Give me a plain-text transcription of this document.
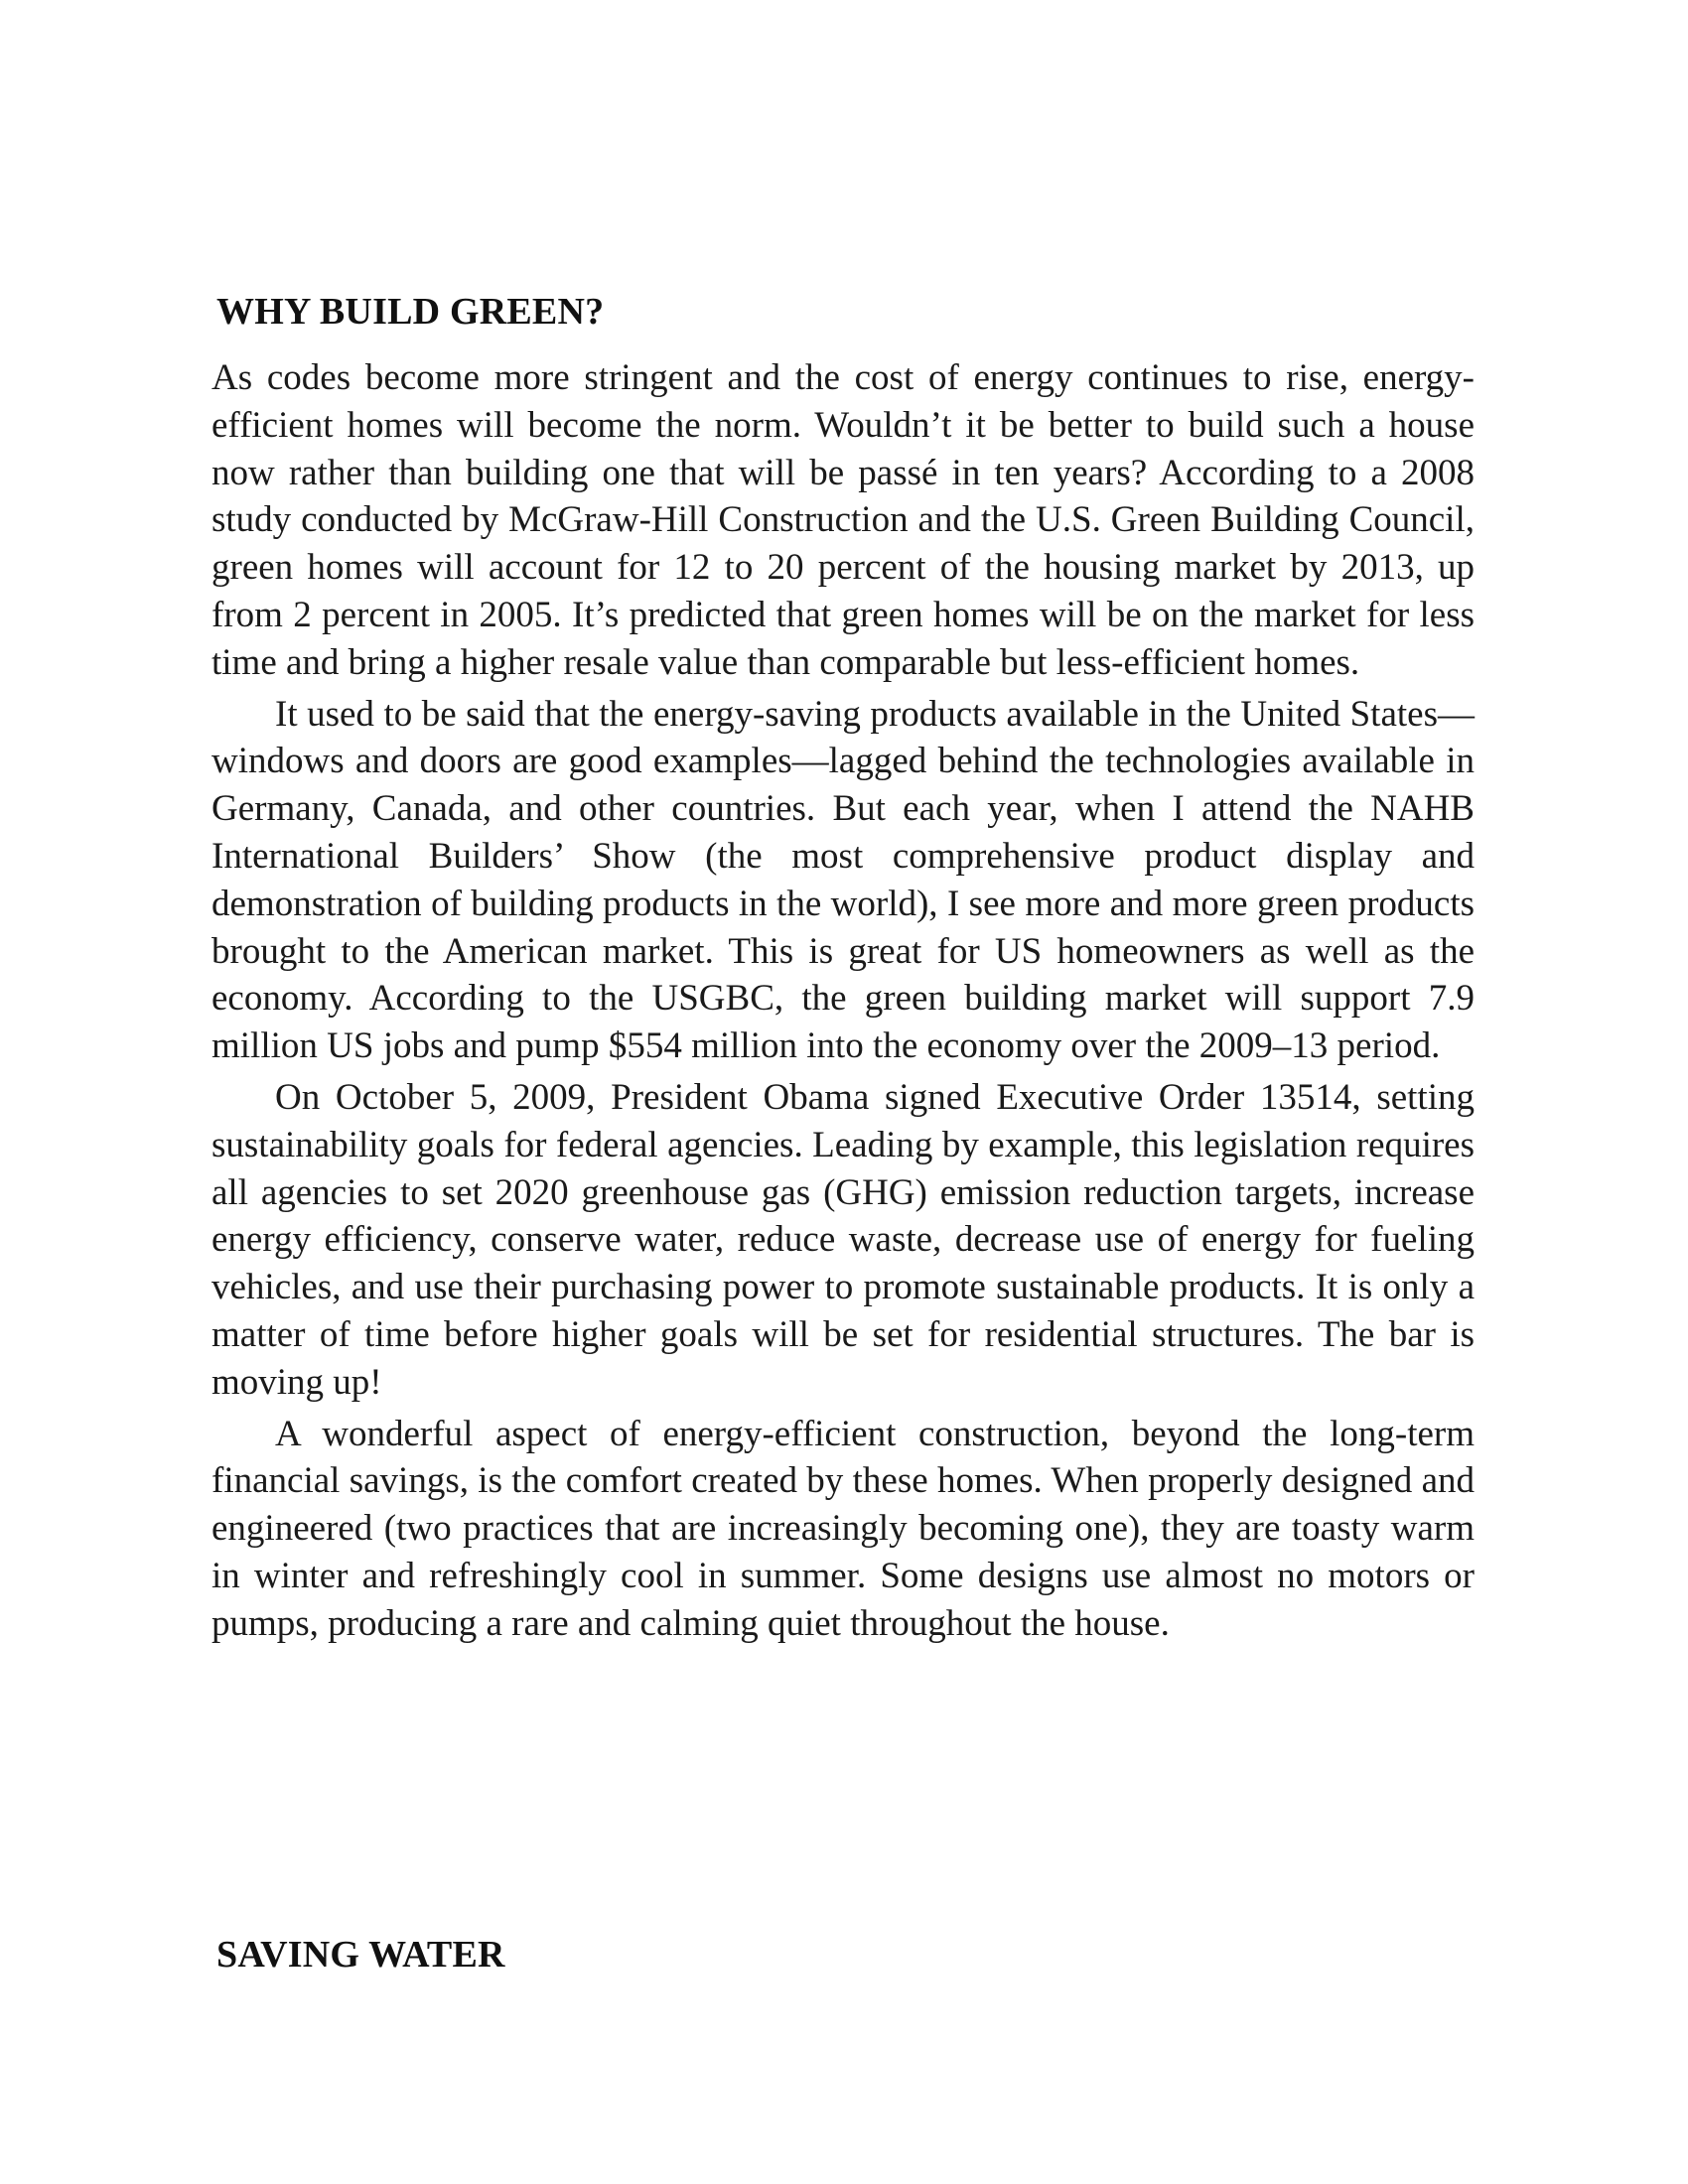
WHY BUILD GREEN?

As codes become more stringent and the cost of energy continues to rise, energy-efficient homes will become the norm. Wouldn’t it be better to build such a house now rather than building one that will be passé in ten years? According to a 2008 study conducted by McGraw-Hill Construction and the U.S. Green Building Council, green homes will account for 12 to 20 percent of the housing market by 2013, up from 2 percent in 2005. It’s predicted that green homes will be on the market for less time and bring a higher resale value than comparable but less-efficient homes.

It used to be said that the energy-saving products available in the United States—windows and doors are good examples—lagged behind the technologies available in Germany, Canada, and other countries. But each year, when I attend the NAHB International Builders’ Show (the most comprehensive product display and demonstration of building products in the world), I see more and more green products brought to the American market. This is great for US homeowners as well as the economy. According to the USGBC, the green building market will support 7.9 million US jobs and pump $554 million into the economy over the 2009–13 period.

On October 5, 2009, President Obama signed Executive Order 13514, setting sustainability goals for federal agencies. Leading by example, this legislation requires all agencies to set 2020 greenhouse gas (GHG) emission reduction targets, increase energy efficiency, conserve water, reduce waste, decrease use of energy for fueling vehicles, and use their purchasing power to promote sustainable products. It is only a matter of time before higher goals will be set for residential structures. The bar is moving up!

A wonderful aspect of energy-efficient construction, beyond the long-term financial savings, is the comfort created by these homes. When properly designed and engineered (two practices that are increasingly becoming one), they are toasty warm in winter and refreshingly cool in summer. Some designs use almost no motors or pumps, producing a rare and calming quiet throughout the house.

SAVING WATER
